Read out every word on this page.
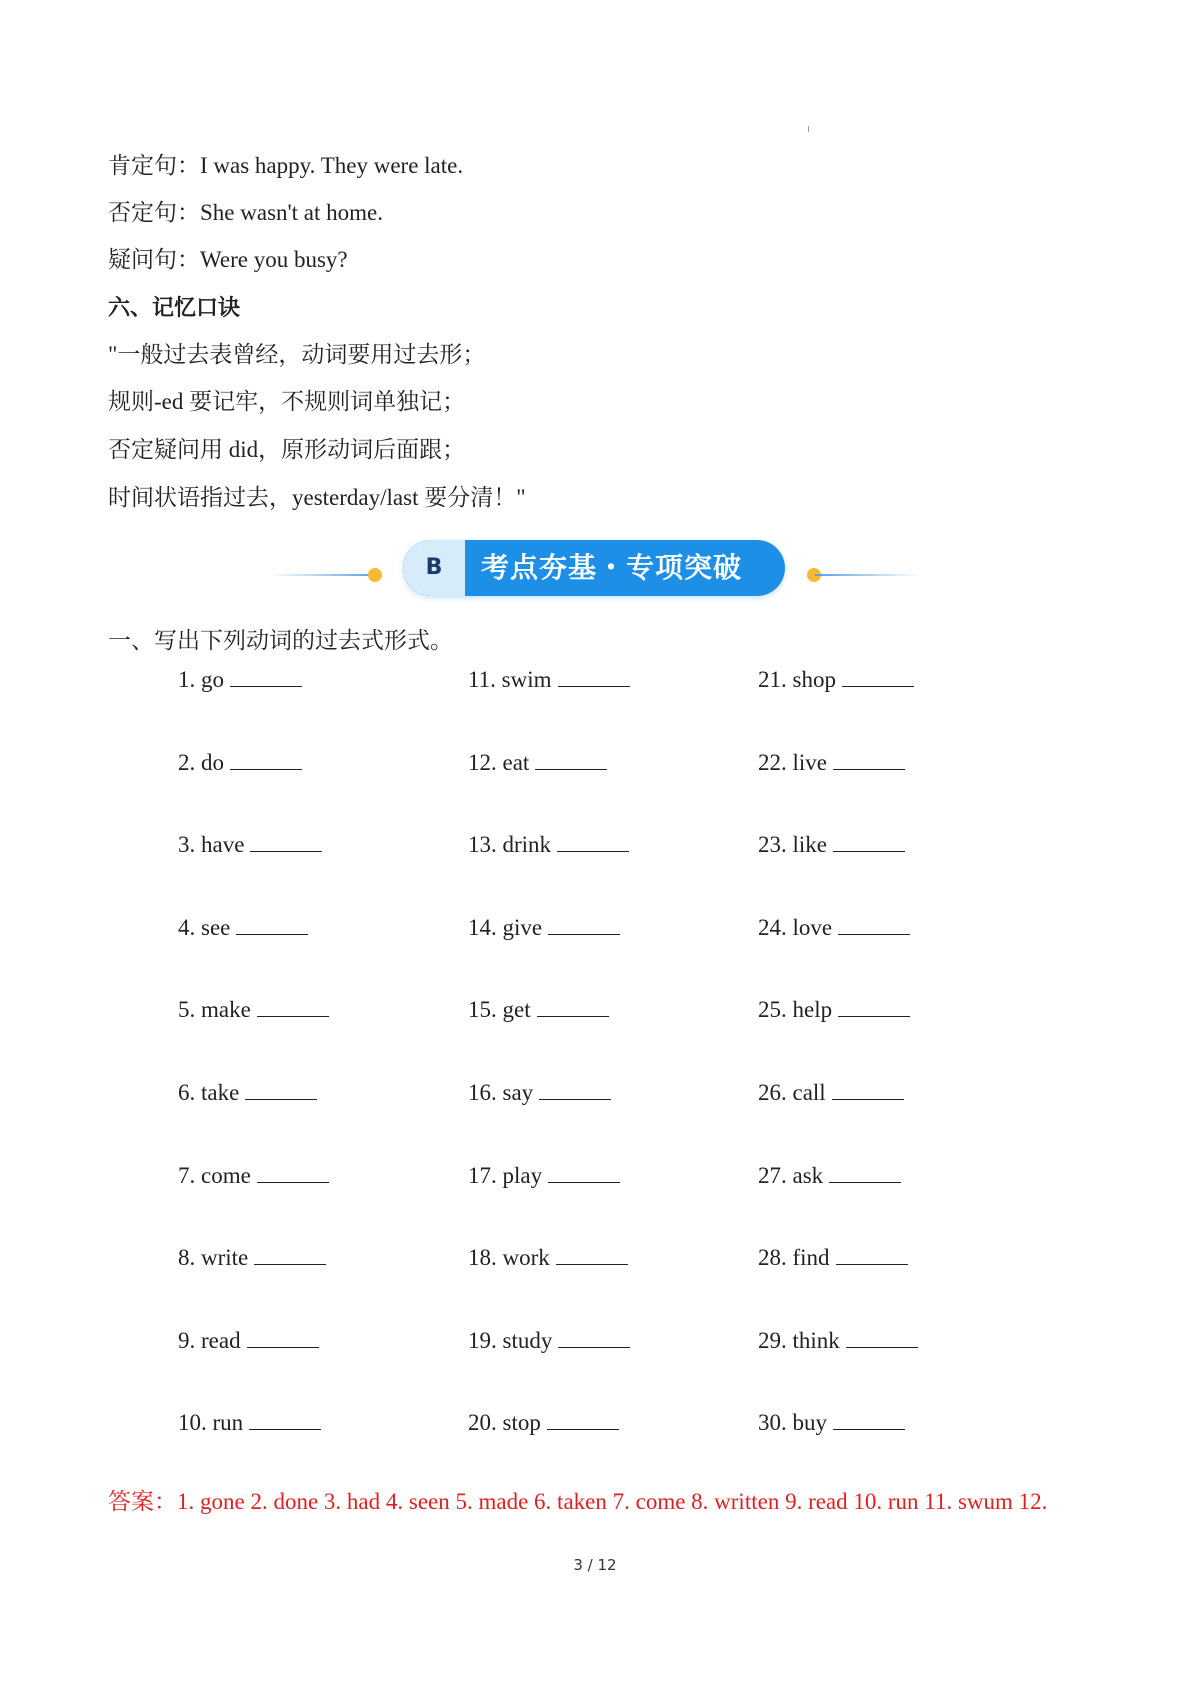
肯定句：I was happy. They were late.
否定句：She wasn't at home.
疑问句：Were you busy?
六、记忆口诀
"一般过去表曾经，动词要用过去形；
规则-ed 要记牢，不规则词单独记；
否定疑问用 did，原形动词后面跟；
时间状语指过去，yesterday/last 要分清！"
B	考点夯基・专项突破
一、写出下列动词的过去式形式。
1. go
2. do
3. have
4. see
5. make
6. take
7. come
8. write
9. read
10. run
11. swim
12. eat
13. drink
14. give
15. get
16. say
17. play
18. work
19. study
20. stop
21. shop
22. live
23. like
24. love
25. help
26. call
27. ask
28. find
29. think
30. buy
答案：1. gone 2. done 3. had 4. seen 5. made 6. taken 7. come 8. written 9. read 10. run 11. swum 12.
3 / 12
